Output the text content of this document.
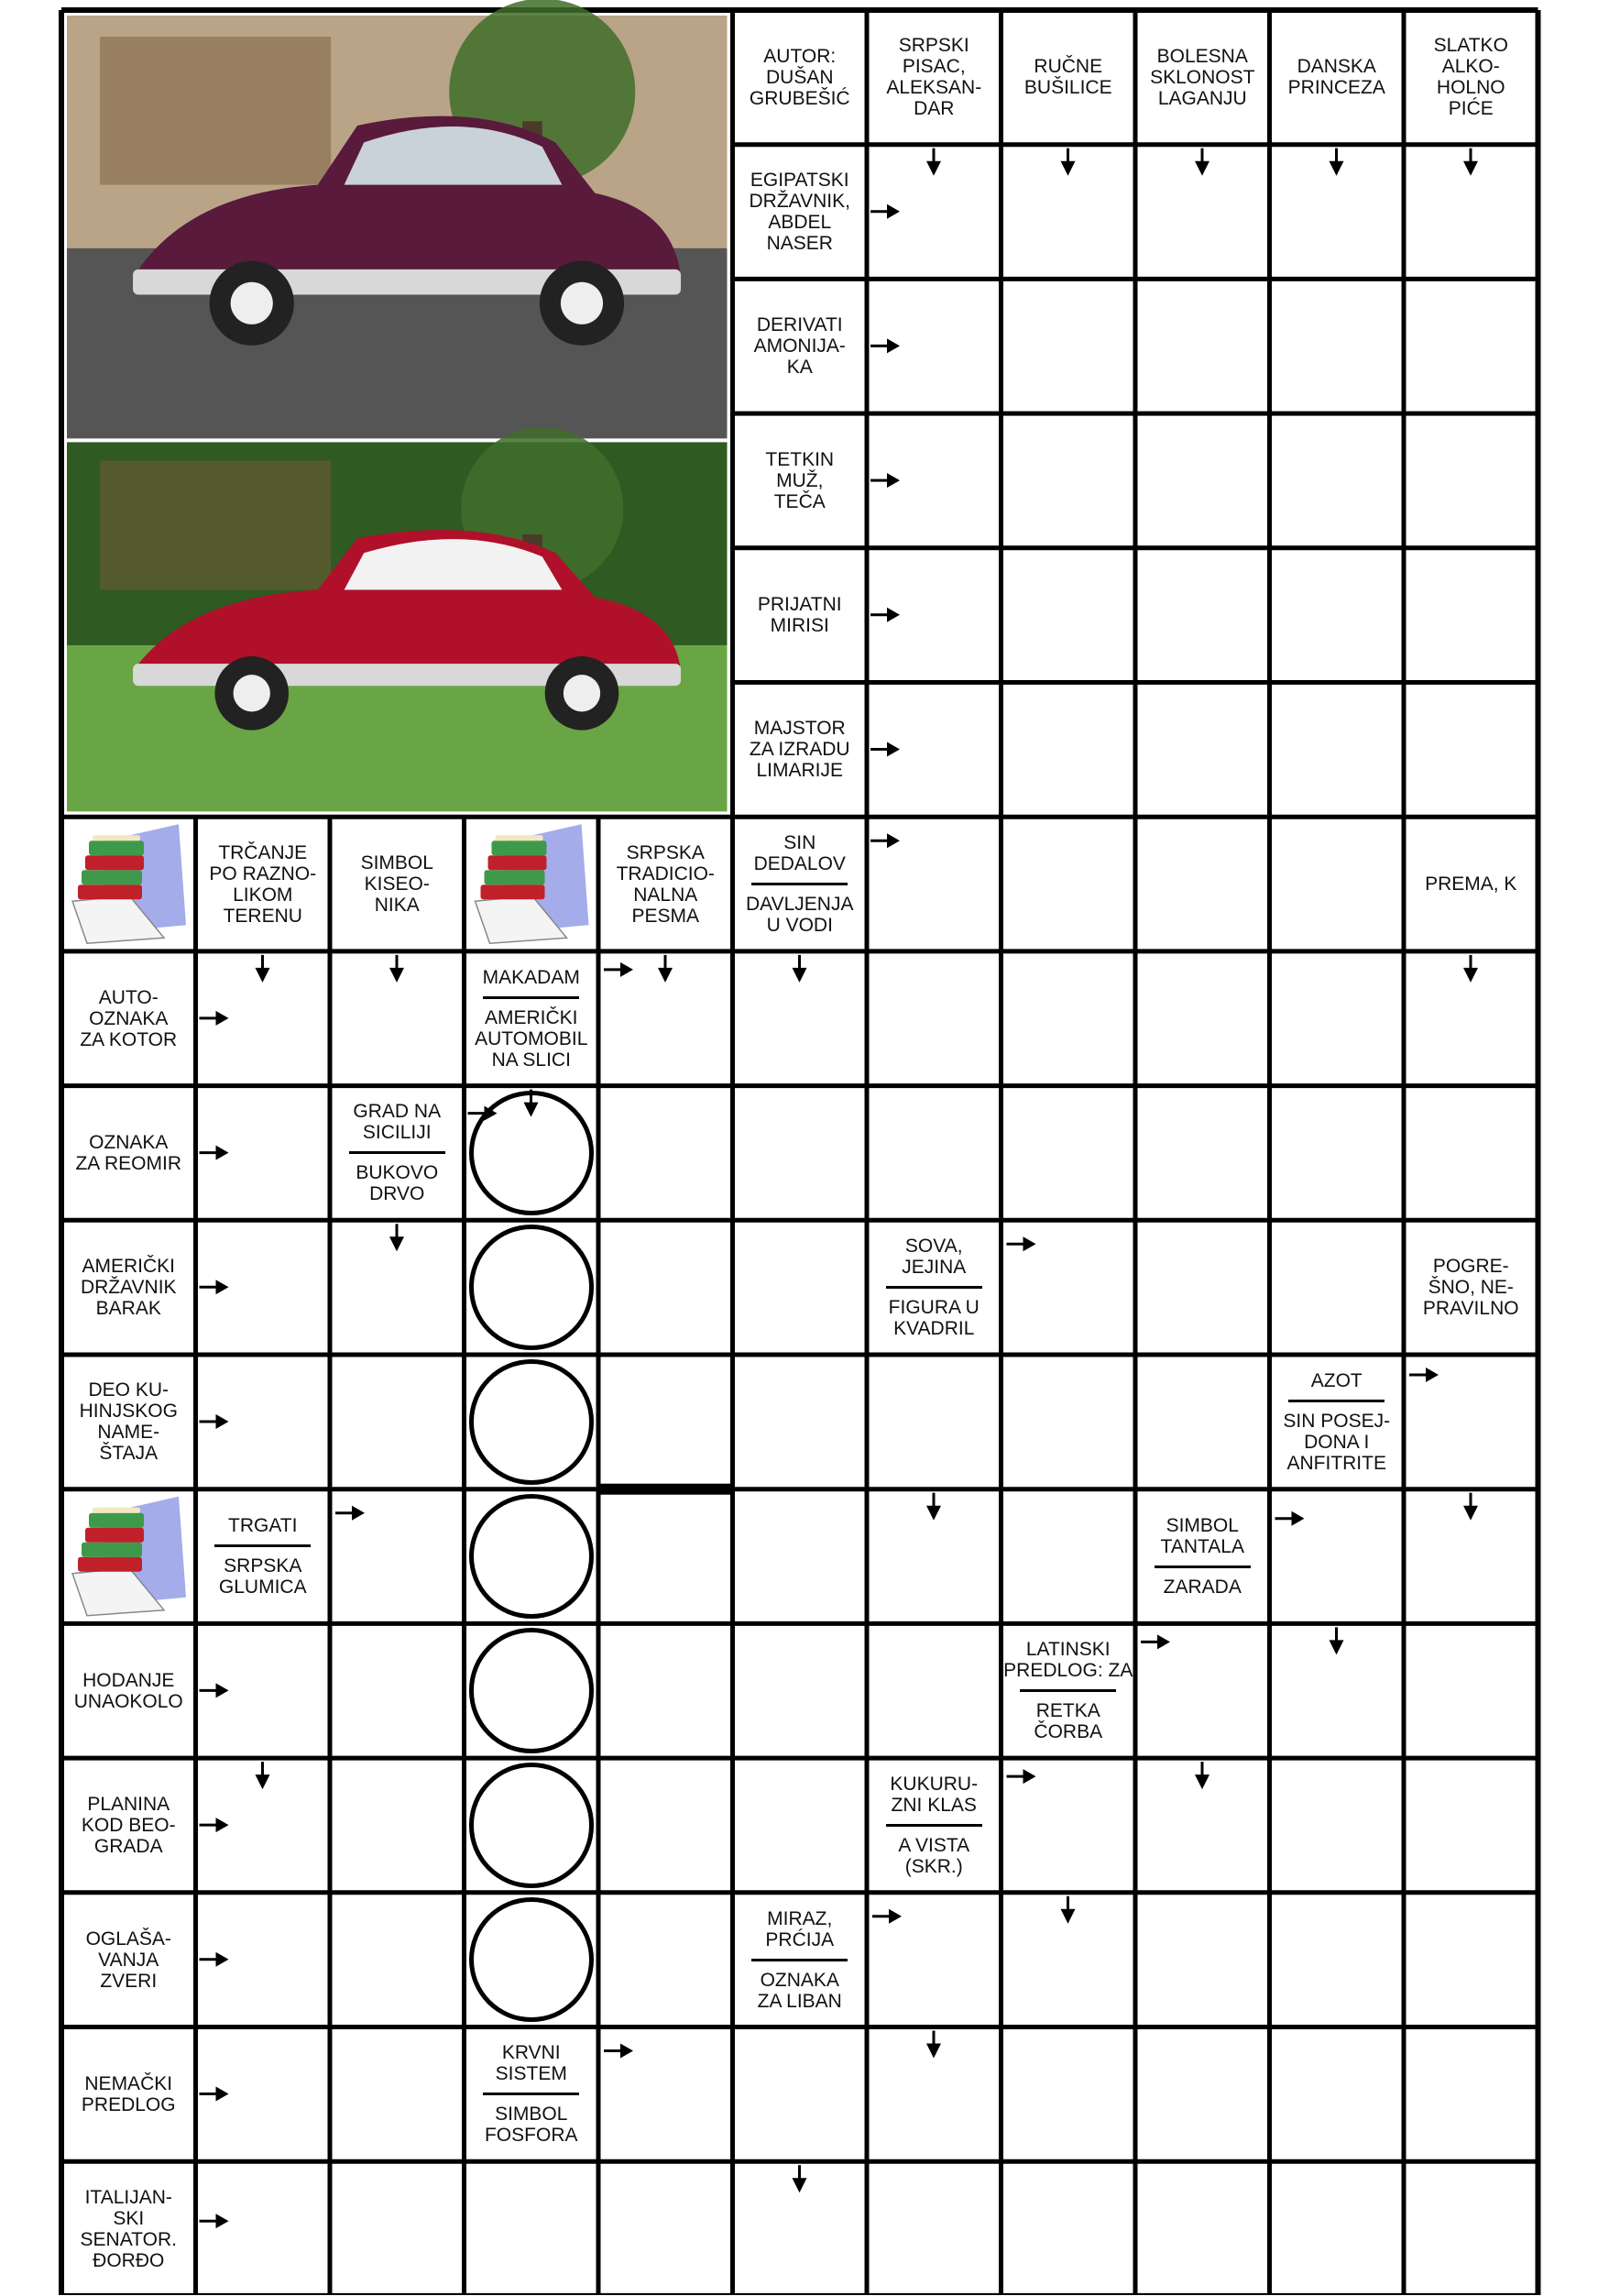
AUTOR:
DUŠAN
GRUBEŠIĆ
SRPSKI
PISAC,
ALEKSAN-
DAR
RUČNE
BUŠILICE
BOLESNA
SKLONOST
LAGANJU
DANSKA
PRINCEZA
SLATKO
ALKO-
HOLNO
PIĆE
EGIPATSKI
DRŽAVNIK,
ABDEL
NASER
DERIVATI
AMONIJA-
KA
TETKIN
MUŽ,
TEČA
PRIJATNI
MIRISI
MAJSTOR
ZA IZRADU
LIMARIJE
TRČANJE
PO RAZNO-
LIKOM
TERENU
SIMBOL
KISEO-
NIKA
SRPSKA
TRADICIO-
NALNA
PESMA
SIN
DEDALOV
DAVLJENJA
U VODI
PREMA, K
AUTO-
OZNAKA
ZA KOTOR
MAKADAM
AMERIČKI
AUTOMOBIL
NA SLICI
OZNAKA
ZA REOMIR
GRAD NA
SICILIJI
BUKOVO
DRVO
AMERIČKI
DRŽAVNIK
BARAK
SOVA,
JEJINA
FIGURA U
KVADRIL
POGRE-
ŠNO, NE-
PRAVILNO
DEO KU-
HINJSKOG
NAME-
ŠTAJA
AZOT
SIN POSEJ-
DONA I
ANFITRITE
TRGATI
SRPSKA
GLUMICA
SIMBOL
TANTALA
ZARADA
HODANJE
UNAOKOLO
LATINSKI
PREDLOG: ZA
RETKA
ČORBA
PLANINA
KOD BEO-
GRADA
KUKURU-
ZNI KLAS
A VISTA
(SKR.)
OGLAŠA-
VANJA
ZVERI
MIRAZ,
PRĆIJA
OZNAKA
ZA LIBAN
NEMAČKI
PREDLOG
KRVNI
SISTEM
SIMBOL
FOSFORA
ITALIJAN-
SKI
SENATOR.
ĐORĐO
